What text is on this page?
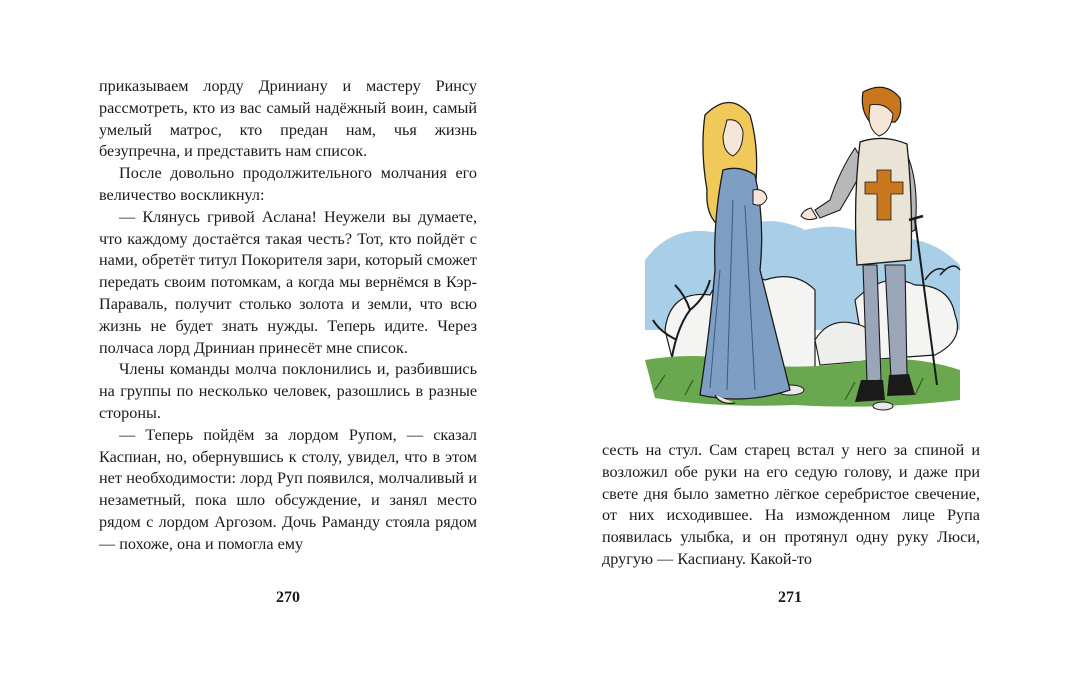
приказываем лорду Дриниану и мастеру Ринсу рассмотреть, кто из вас самый надёжный воин, самый умелый матрос, кто предан нам, чья жизнь безупречна, и представить нам список.

После довольно продолжительного молчания его величество воскликнул:

— Клянусь гривой Аслана! Неужели вы думаете, что каждому достаётся такая честь? Тот, кто пойдёт с нами, обретёт титул Покорителя зари, который сможет передать своим потомкам, а когда мы вернёмся в Кэр-Параваль, получит столько золота и земли, что всю жизнь не будет знать нужды. Теперь идите. Через полчаса лорд Дриниан принесёт мне список.

Члены команды молча поклонились и, разбившись на группы по несколько человек, разошлись в разные стороны.

— Теперь пойдём за лордом Рупом, — сказал Каспиан, но, обернувшись к столу, увидел, что в этом нет необходимости: лорд Руп появился, молчаливый и незаметный, пока шло обсуждение, и занял место рядом с лордом Аргозом. Дочь Раманду стояла рядом — похоже, она и помогла ему

270

сесть на стул. Сам старец встал у него за спиной и возложил обе руки на его седую голову, и даже при свете дня было заметно лёгкое серебристое свечение, от них исходившее. На изможденном лице Рупа появилась улыбка, и он протянул одну руку Люси, другую — Каспиану. Какой-то

271
